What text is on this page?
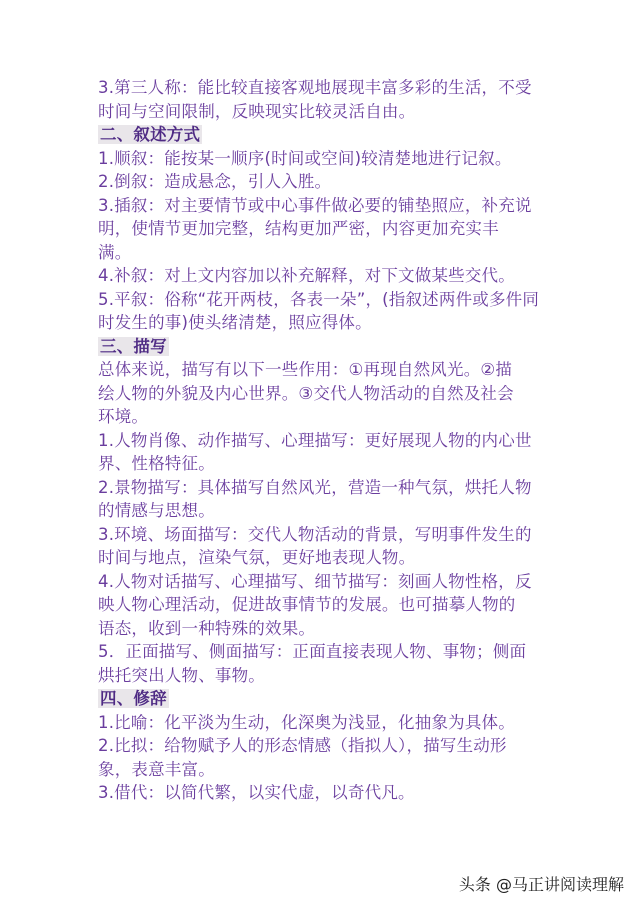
3.第三人称：能比较直接客观地展现丰富多彩的生活，不受
时间与空间限制，反映现实比较灵活自由。
二、叙述方式
1.顺叙：能按某一顺序(时间或空间)较清楚地进行记叙。
2.倒叙：造成悬念，引人入胜。
3.插叙：对主要情节或中心事件做必要的铺垫照应，补充说
明，使情节更加完整，结构更加严密，内容更加充实丰
满。
4.补叙：对上文内容加以补充解释，对下文做某些交代。
5.平叙：俗称“花开两枝，各表一朵”，(指叙述两件或多件同
时发生的事)使头绪清楚，照应得体。
三、描写
总体来说，描写有以下一些作用：①再现自然风光。②描
绘人物的外貌及内心世界。③交代人物活动的自然及社会
环境。
1.人物肖像、动作描写、心理描写：更好展现人物的内心世
界、性格特征。
2.景物描写：具体描写自然风光，营造一种气氛，烘托人物
的情感与思想。
3.环境、场面描写：交代人物活动的背景，写明事件发生的
时间与地点，渲染气氛，更好地表现人物。
4.人物对话描写、心理描写、细节描写：刻画人物性格，反
映人物心理活动，促进故事情节的发展。也可描摹人物的
语态，收到一种特殊的效果。
5．正面描写、侧面描写：正面直接表现人物、事物；侧面
烘托突出人物、事物。
四、修辞
1.比喻：化平淡为生动，化深奥为浅显，化抽象为具体。
2.比拟：给物赋予人的形态情感（指拟人），描写生动形
象，表意丰富。
3.借代：以简代繁，以实代虚，以奇代凡。
头条 @马正讲阅读理解
